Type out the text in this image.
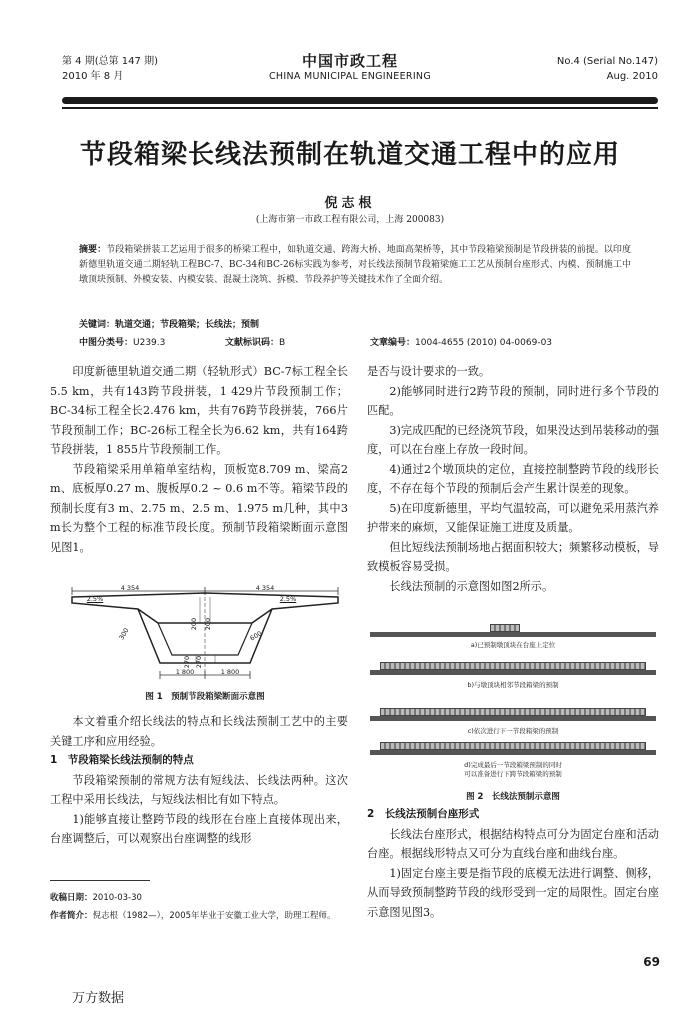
第 4 期(总第 147 期)
2010 年 8 月
中国市政工程
CHINA MUNICIPAL ENGINEERING
No.4 (Serial No.147)
Aug. 2010
节段箱梁长线法预制在轨道交通工程中的应用
倪志根
(上海市第一市政工程有限公司，上海 200083)
摘要：节段箱梁拼装工艺运用于很多的桥梁工程中，如轨道交通、跨海大桥、地面高架桥等，其中节段箱梁预制是节段拼装的前提。以印度新德里轨道交通二期轻轨工程BC-7、BC-34和BC-26标实践为参考，对长线法预制节段箱梁施工工艺从预制台座形式、内模、预制施工中墩顶块预制、外模安装、内模安装、混凝土浇筑、拆模、节段养护等关键技术作了全面介绍。
关键词：轨道交通；节段箱梁；长线法；预制
中图分类号：U239.3	文献标识码：B	文章编号：1004-4655 (2010) 04-0069-03

印度新德里轨道交通二期（轻轨形式）BC-7标工程全长5.5 km，共有143跨节段拼装，1 429片节段预制工作；BC-34标工程全长2.476 km，共有76跨节段拼装，766片节段预制工作；BC-26标工程全长为6.62 km，共有164跨节段拼装，1 855片节段预制工作。

节段箱梁采用单箱单室结构，顶板宽8.709 m、梁高2 m、底板厚0.27 m、腹板厚0.2 ~ 0.6 m不等。箱梁节段的预制长度有3 m、2.75 m、2.5 m、1.975 m几种，其中3 m长为整个工程的标准节段长度。预制节段箱梁断面示意图见图1。

4 354	4 354
2.5%	2.5%
300
200 200
600
270 270
1 800	1 800
图 1　预制节段箱梁断面示意图

本文着重介绍长线法的特点和长线法预制工艺中的主要关键工序和应用经验。

1　节段箱梁长线法预制的特点

节段箱梁预制的常规方法有短线法、长线法两种。这次工程中采用长线法，与短线法相比有如下特点。

1)能够直接让整跨节段的线形在台座上直接体现出来，台座调整后，可以观察出台座调整的线形

收稿日期：2010-03-30
作者简介：倪志根（1982—），2005年毕业于安徽工业大学，助理工程师。

是否与设计要求的一致。

2)能够同时进行2跨节段的预制，同时进行多个节段的匹配。

3)完成匹配的已经浇筑节段，如果没达到吊装移动的强度，可以在台座上存放一段时间。

4)通过2个墩顶块的定位，直接控制整跨节段的线形长度，不存在每个节段的预制后会产生累计误差的现象。

5)在印度新德里，平均气温较高，可以避免采用蒸汽养护带来的麻烦，又能保证施工进度及质量。

但比短线法预制场地占据面积较大；频繁移动模板，导致模板容易受损。

长线法预制的示意图如图2所示。

a)已预制墩顶块在台座上定位
b)与墩顶块相邻节段箱梁的预制
c)依次进行下一节段箱梁的预制
d)完成最后一节段箱梁预制的同时
可以准备进行下跨节段箱梁的预制
图 2　长线法预制示意图
2　长线法预制台座形式

长线法台座形式，根据结构特点可分为固定台座和活动台座。根据线形特点又可分为直线台座和曲线台座。

1)固定台座主要是指节段的底模无法进行调整、侧移，从而导致预制整跨节段的线形受到一定的局限性。固定台座示意图见图3。

69
万方数据
